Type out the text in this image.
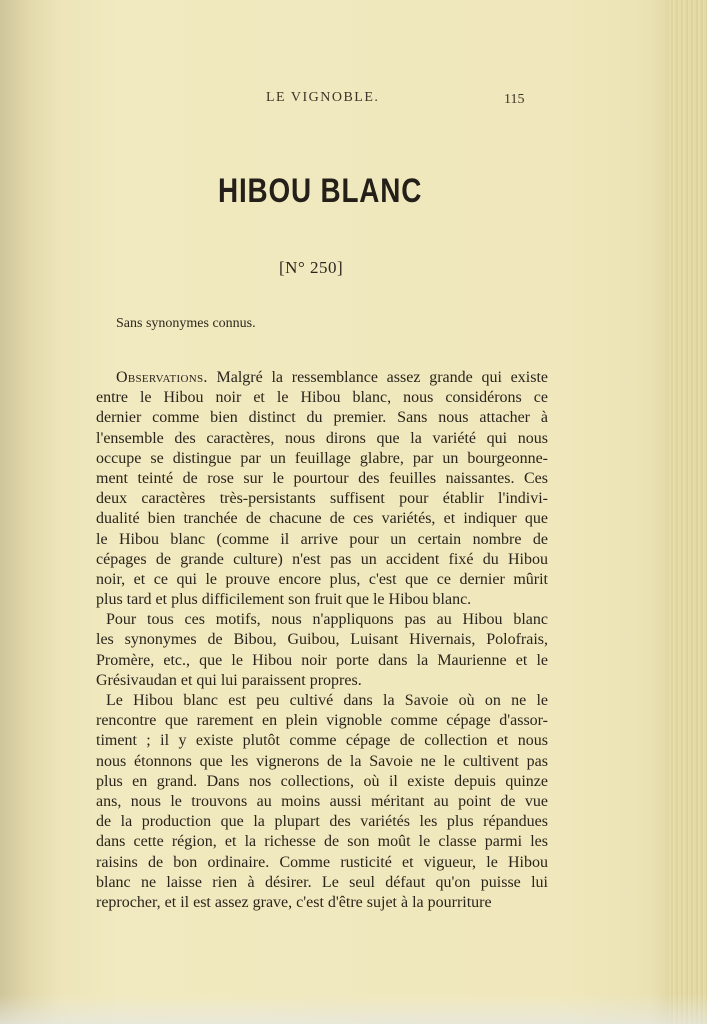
LE VIGNOBLE.	115
HIBOU BLANC
[N° 250]
Sans synonymes connus.
Observations. Malgré la ressemblance assez grande qui existe
entre le Hibou noir et le Hibou blanc, nous considérons ce
dernier comme bien distinct du premier. Sans nous attacher à
l'ensemble des caractères, nous dirons que la variété qui nous
occupe se distingue par un feuillage glabre, par un bourgeonne-
ment teinté de rose sur le pourtour des feuilles naissantes. Ces
deux caractères très-persistants suffisent pour établir l'indivi-
dualité bien tranchée de chacune de ces variétés, et indiquer que
le Hibou blanc (comme il arrive pour un certain nombre de
cépages de grande culture) n'est pas un accident fixé du Hibou
noir, et ce qui le prouve encore plus, c'est que ce dernier mûrit
plus tard et plus difficilement son fruit que le Hibou blanc.
Pour tous ces motifs, nous n'appliquons pas au Hibou blanc
les synonymes de Bibou, Guibou, Luisant Hivernais, Polofrais,
Promère, etc., que le Hibou noir porte dans la Maurienne et le
Grésivaudan et qui lui paraissent propres.
Le Hibou blanc est peu cultivé dans la Savoie où on ne le
rencontre que rarement en plein vignoble comme cépage d'assor-
timent ; il y existe plutôt comme cépage de collection et nous
nous étonnons que les vignerons de la Savoie ne le cultivent pas
plus en grand. Dans nos collections, où il existe depuis quinze
ans, nous le trouvons au moins aussi méritant au point de vue
de la production que la plupart des variétés les plus répandues
dans cette région, et la richesse de son moût le classe parmi les
raisins de bon ordinaire. Comme rusticité et vigueur, le Hibou
blanc ne laisse rien à désirer. Le seul défaut qu'on puisse lui
reprocher, et il est assez grave, c'est d'être sujet à la pourriture
